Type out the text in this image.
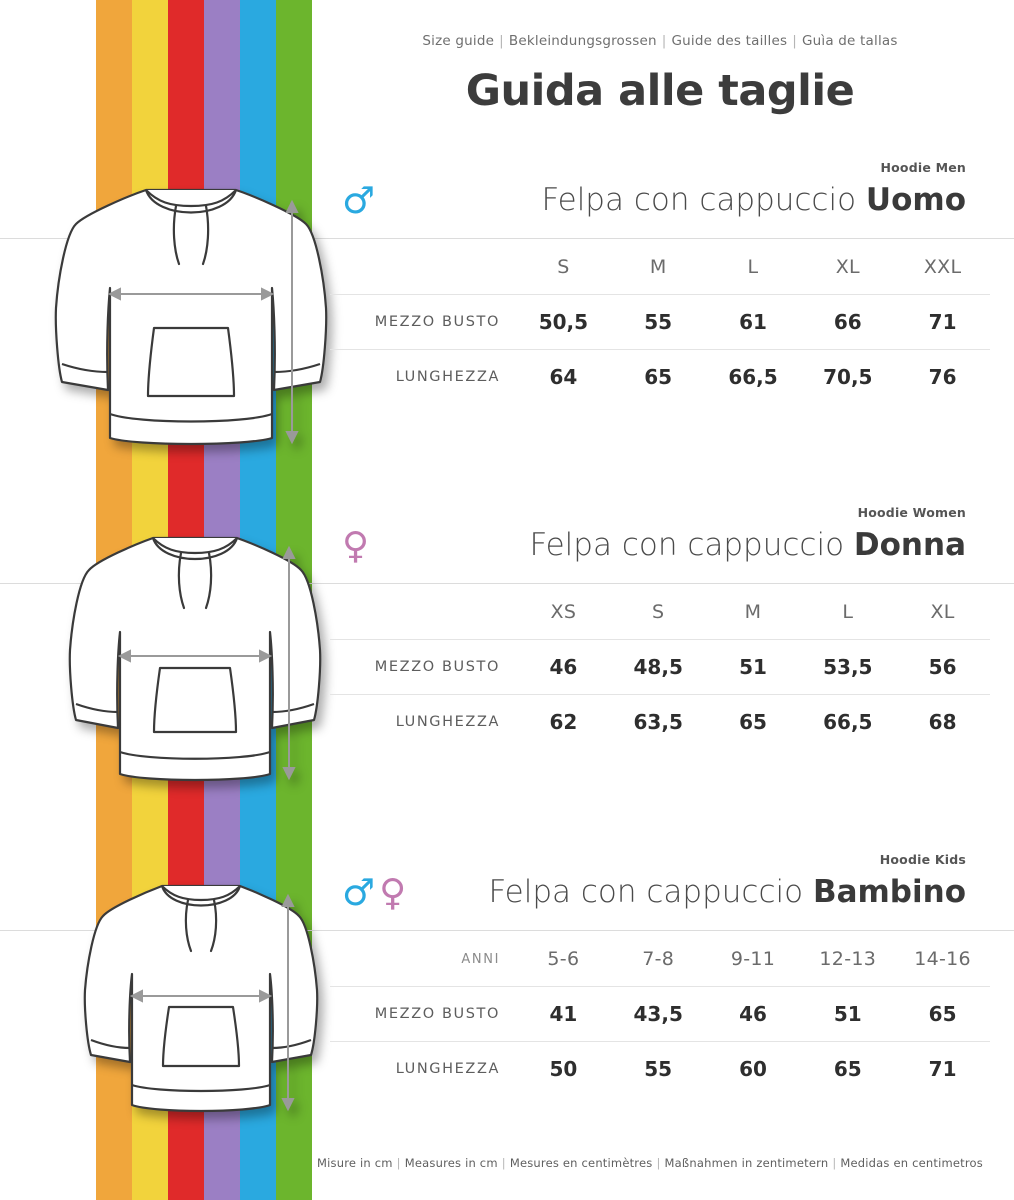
Size guide | Bekleindungsgrossen | Guide des tailles | Guìa de tallas
Guida alle taglie
Hoodie Men
♂	Felpa con cappuccio Uomo
	S	M	L	XL	XXL
MEZZO BUSTO	50,5	55	61	66	71
LUNGHEZZA	64	65	66,5	70,5	76
Hoodie Women
♀	Felpa con cappuccio Donna
	XS	S	M	L	XL
MEZZO BUSTO	46	48,5	51	53,5	56
LUNGHEZZA	62	63,5	65	66,5	68
Hoodie Kids
♂ ♀	Felpa con cappuccio Bambino
ANNI	5-6	7-8	9-11	12-13	14-16
MEZZO BUSTO	41	43,5	46	51	65
LUNGHEZZA	50	55	60	65	71
Misure in cm | Measures in cm | Mesures en centimètres | Maßnahmen in zentimetern | Medidas en centimetros
